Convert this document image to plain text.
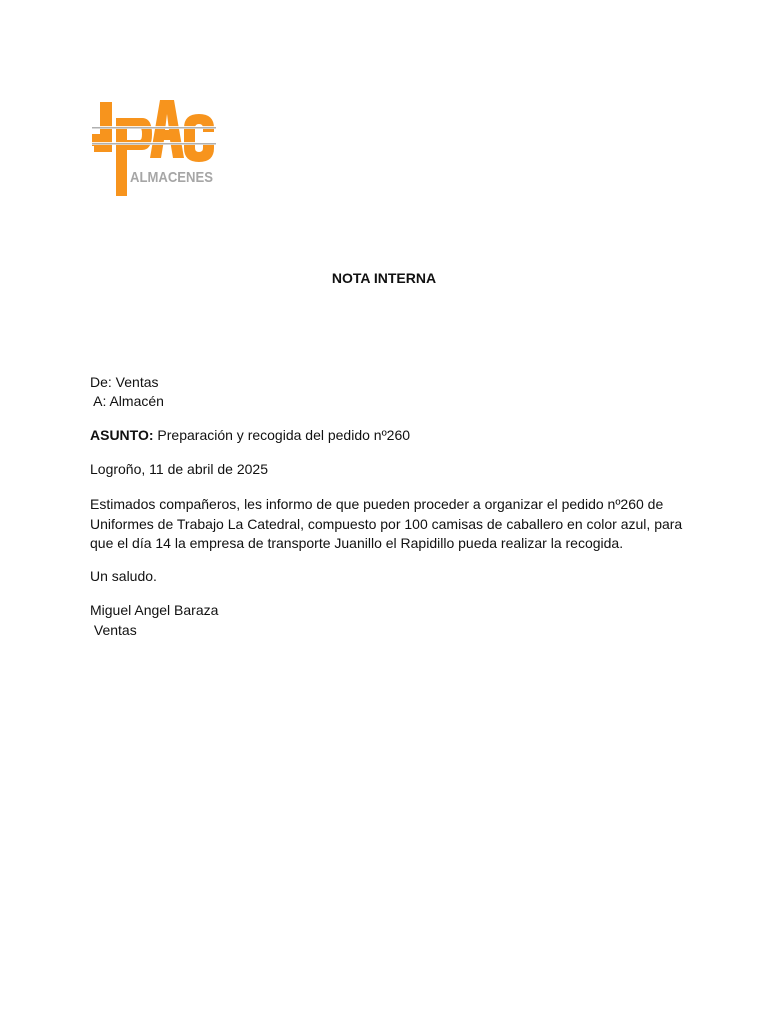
ALMACENES
NOTA INTERNA
De: Ventas
A: Almacén
ASUNTO: Preparación y recogida del pedido nº260
Logroño, 11 de abril de 2025
Estimados compañeros, les informo de que pueden proceder a organizar el pedido nº260 de Uniformes de Trabajo La Catedral, compuesto por 100 camisas de caballero en color azul, para que el día 14 la empresa de transporte Juanillo el Rapidillo pueda realizar la recogida.
Un saludo.
Miguel Angel Baraza
Ventas
